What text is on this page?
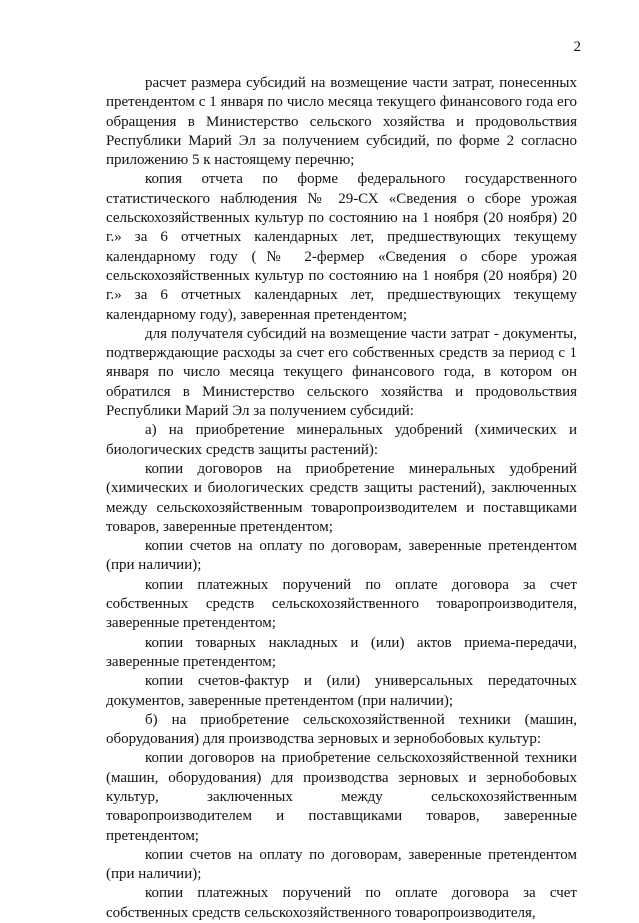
2

расчет размера субсидий на возмещение части затрат, понесенных претендентом с 1 января по число месяца текущего финансового года его обращения в Министерство сельского хозяйства и продовольствия Республики Марий Эл за получением субсидий, по форме 2 согласно приложению 5 к настоящему перечню;

копия отчета по форме федерального государственного статистического наблюдения № 29-СХ «Сведения о сборе урожая сельскохозяйственных культур по состоянию на 1 ноября (20 ноября) 20 г.» за 6 отчетных календарных лет, предшествующих текущему календарному году (№ 2-фермер «Сведения о сборе урожая сельскохозяйственных культур по состоянию на 1 ноября (20 ноября) 20 г.» за 6 отчетных календарных лет, предшествующих текущему календарному году), заверенная претендентом;

для получателя субсидий на возмещение части затрат - документы, подтверждающие расходы за счет его собственных средств за период с 1 января по число месяца текущего финансового года, в котором он обратился в Министерство сельского хозяйства и продовольствия Республики Марий Эл за получением субсидий:

а) на приобретение минеральных удобрений (химических и биологических средств защиты растений):

копии договоров на приобретение минеральных удобрений (химических и биологических средств защиты растений), заключенных между сельскохозяйственным товаропроизводителем и поставщиками товаров, заверенные претендентом;

копии счетов на оплату по договорам, заверенные претендентом (при наличии);

копии платежных поручений по оплате договора за счет собственных средств сельскохозяйственного товаропроизводителя, заверенные претендентом;

копии товарных накладных и (или) актов приема-передачи, заверенные претендентом;

копии счетов-фактур и (или) универсальных передаточных документов, заверенные претендентом (при наличии);

б) на приобретение сельскохозяйственной техники (машин, оборудования) для производства зерновых и зернобобовых культур:

копии договоров на приобретение сельскохозяйственной техники (машин, оборудования) для производства зерновых и зернобобовых культур, заключенных между сельскохозяйственным товаропроизводителем и поставщиками товаров, заверенные претендентом;

копии счетов на оплату по договорам, заверенные претендентом (при наличии);

копии платежных поручений по оплате договора за счет собственных средств сельскохозяйственного товаропроизводителя,
